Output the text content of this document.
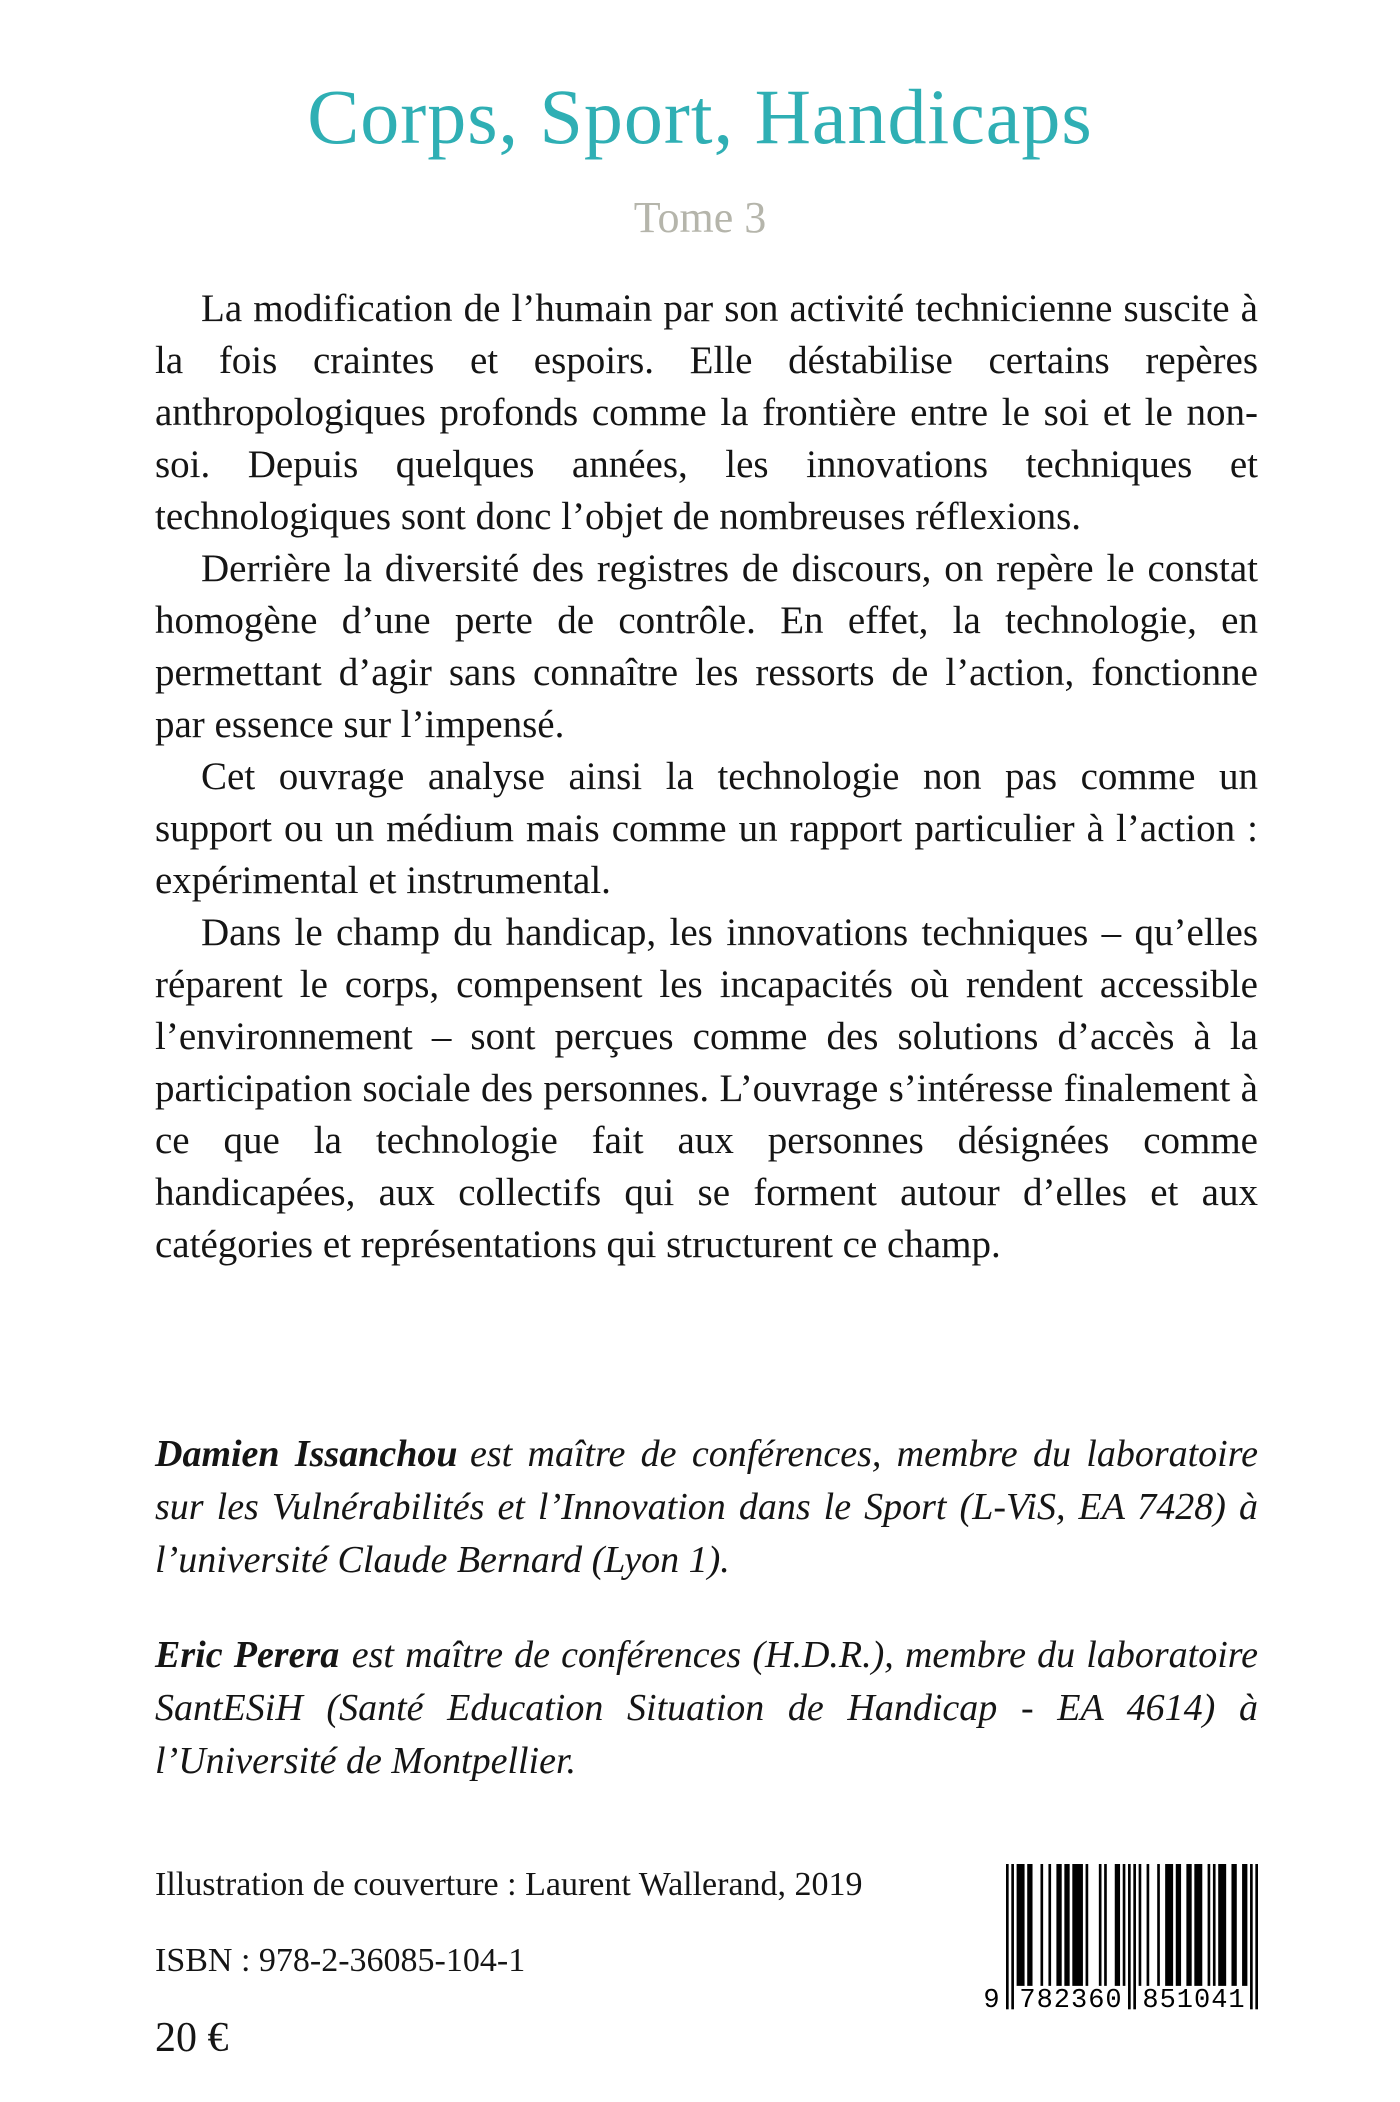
Corps, Sport, Handicaps
Tome 3

La modification de l’humain par son activité technicienne suscite à la fois craintes et espoirs. Elle déstabilise certains repères anthropologiques profonds comme la frontière entre le soi et le non-soi. Depuis quelques années, les innovations techniques et technologiques sont donc l’objet de nombreuses réflexions.

Derrière la diversité des registres de discours, on repère le constat homogène d’une perte de contrôle. En effet, la technologie, en permettant d’agir sans connaître les ressorts de l’action, fonctionne par essence sur l’impensé.

Cet ouvrage analyse ainsi la technologie non pas comme un support ou un médium mais comme un rapport particulier à l’action : expérimental et instrumental.

Dans le champ du handicap, les innovations techniques – qu’elles réparent le corps, compensent les incapacités où rendent accessible l’environnement – sont perçues comme des solutions d’accès à la participation sociale des personnes. L’ouvrage s’intéresse finalement à ce que la technologie fait aux personnes désignées comme handicapées, aux collectifs qui se forment autour d’elles et aux catégories et représentations qui structurent ce champ.

Damien Issanchou est maître de conférences, membre du laboratoire sur les Vulnérabilités et l’Innovation dans le Sport (L-ViS, EA 7428) à l’université Claude Bernard (Lyon 1).

Eric Perera est maître de conférences (H.D.R.), membre du laboratoire SantESiH (Santé Education Situation de Handicap - EA 4614) à l’Université de Montpellier.

Illustration de couverture : Laurent Wallerand, 2019
ISBN : 978-2-36085-104-1
20 €
9 782360 851041
